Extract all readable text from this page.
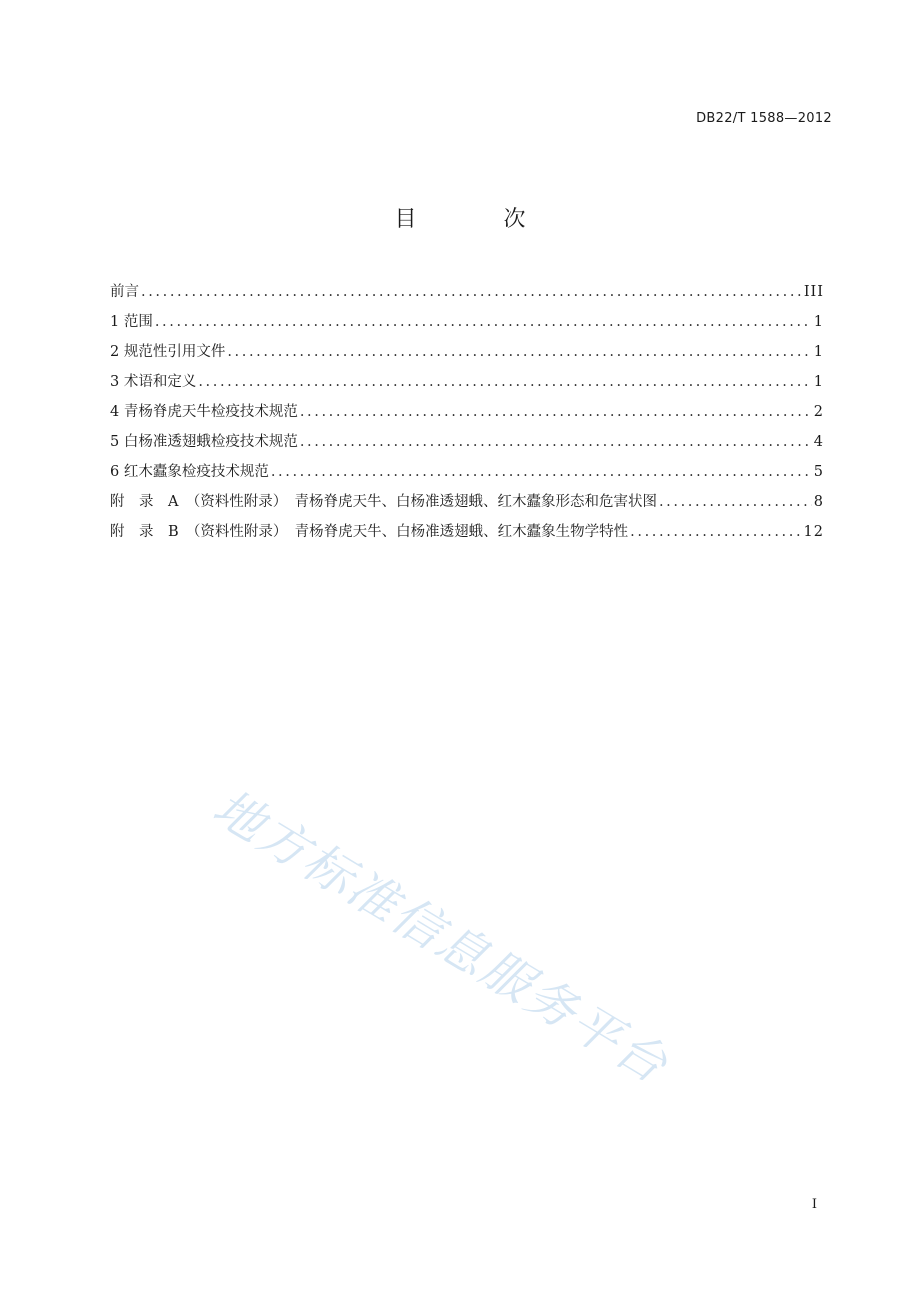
DB22/T 1588—2012
目 次
前言 .....	III
1 范围 .....	1
2 规范性引用文件 .....	1
3 术语和定义 .....	1
4 青杨脊虎天牛检疫技术规范 .....	2
5 白杨准透翅蛾检疫技术规范 .....	4
6 红木蠹象检疫技术规范 .....	5
附　录　A　（资料性附录）　青杨脊虎天牛、白杨准透翅蛾、红木蠹象形态和危害状图 .....	8
附　录　B　（资料性附录）　青杨脊虎天牛、白杨准透翅蛾、红木蠹象生物学特性 .....	12
地方标准信息服务平台
I
